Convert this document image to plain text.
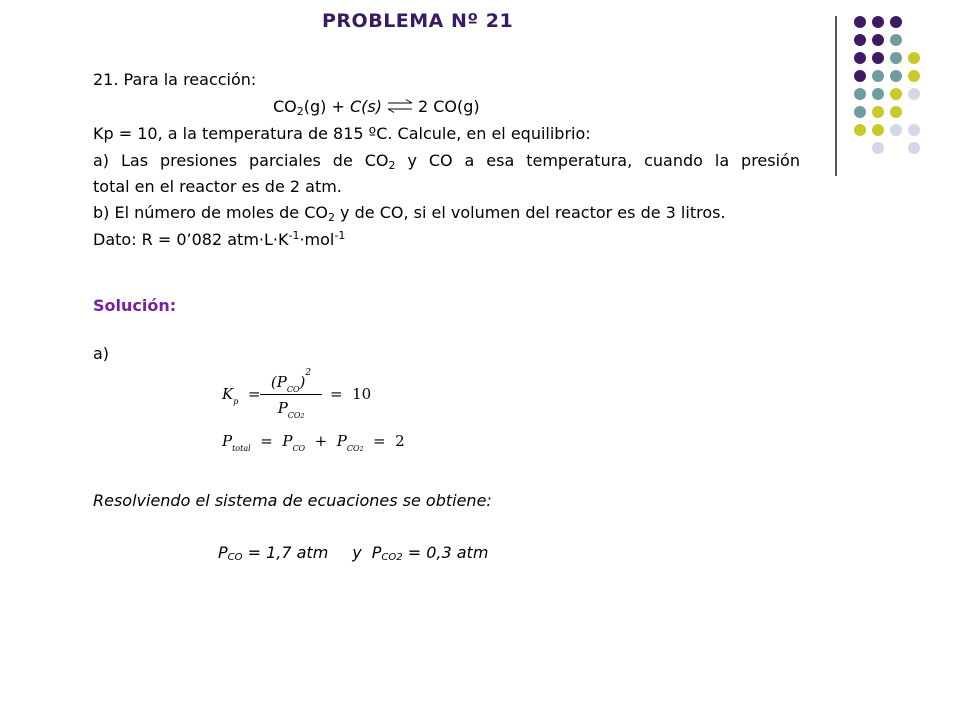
PROBLEMA Nº 21
21. Para la reacción:
$CO_2(g) + C(s)$ ⇌ 2 CO(g)
Kp = 10, a la temperatura de 815 ºC. Calcule, en el equilibrio:
a) Las presiones parciales de $CO_2$ y CO a esa temperatura, cuando la presión
total en el reactor es de 2 atm.
b) El número de moles de $CO_2$ y de CO, si el volumen del reactor es de 3 litros.
Dato: R = 0’082 $atm\cdot L\cdot K^{-1}\cdot mol^{-1}$
Solución:
a)
$K_p$ =
$(P_{CO})^2$
$P_{CO2}$
= 10
$P_{total} = P_{CO} + P_{CO2} = 2$
Resolviendo el sistema de ecuaciones se obtiene:
$P_{CO} = 1,7$ atm y $P_{CO2} = 0,3$ atm
